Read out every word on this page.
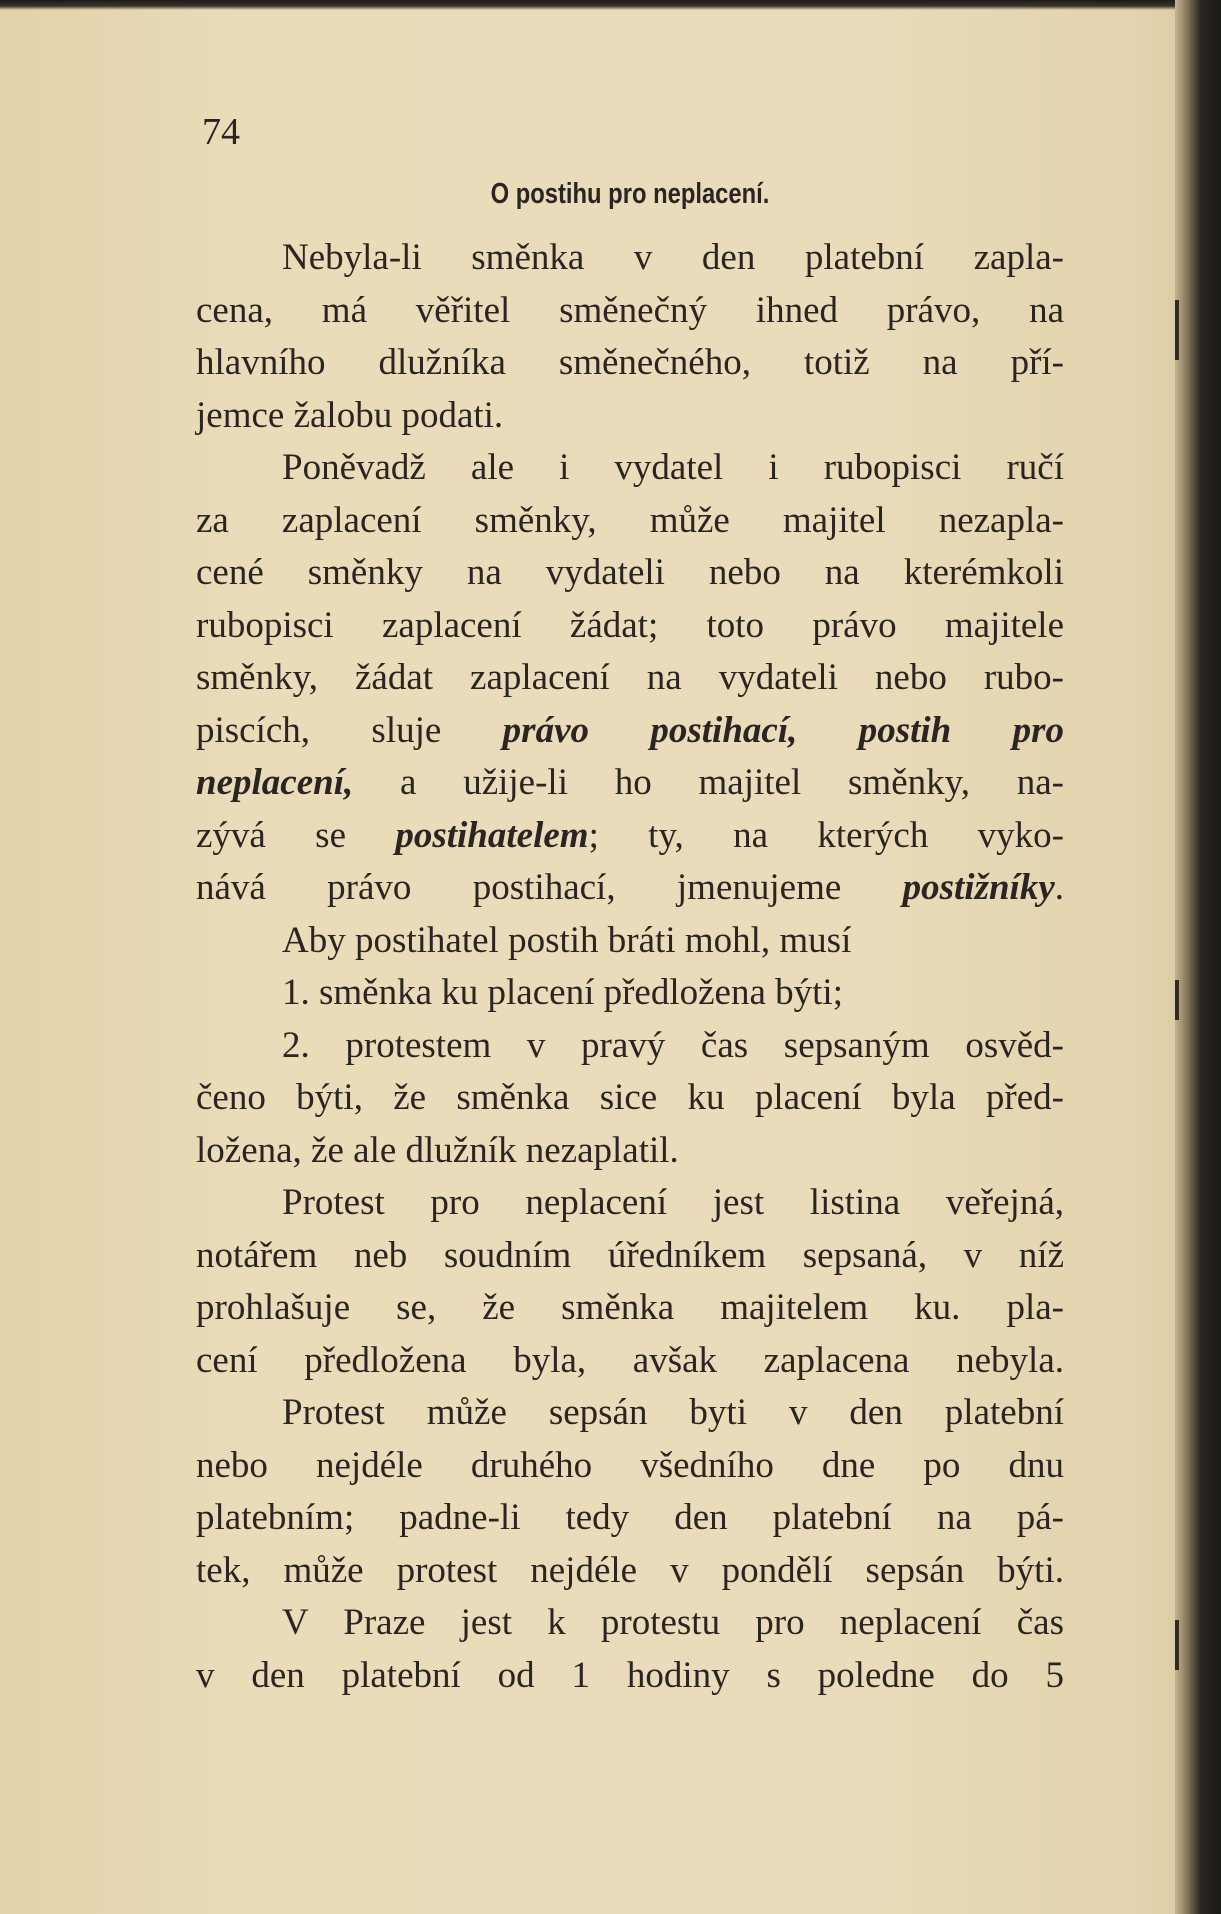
74

O postihu pro neplacení.
Nebyla-li směnka v den platební zapla-
cena, má věřitel směnečný ihned právo, na
hlavního dlužníka směnečného, totiž na pří-
jemce žalobu podati.
Poněvadž ale i vydatel i rubopisci ručí
za zaplacení směnky, může majitel nezapla-
cené směnky na vydateli nebo na kterémkoli
rubopisci zaplacení žádat; toto právo majitele
směnky, žádat zaplacení na vydateli nebo rubo-
piscích, sluje právo postihací, postih pro
neplacení, a užije-li ho majitel směnky, na-
zývá se postihatelem; ty, na kterých vyko-
nává právo postihací, jmenujeme postižníky.
Aby postihatel postih bráti mohl, musí
1. směnka ku placení předložena býti;
2. protestem v pravý čas sepsaným osvěd-
čeno býti, že směnka sice ku placení byla před-
ložena, že ale dlužník nezaplatil.
Protest pro neplacení jest listina veřejná,
notářem neb soudním úředníkem sepsaná, v níž
prohlašuje se, že směnka majitelem ku. pla-
cení předložena byla, avšak zaplacena nebyla.
Protest může sepsán byti v den platební
nebo nejdéle druhého všedního dne po dnu
platebním; padne-li tedy den platební na pá-
tek, může protest nejdéle v pondělí sepsán býti.
V Praze jest k protestu pro neplacení čas
v den platební od 1 hodiny s poledne do 5
